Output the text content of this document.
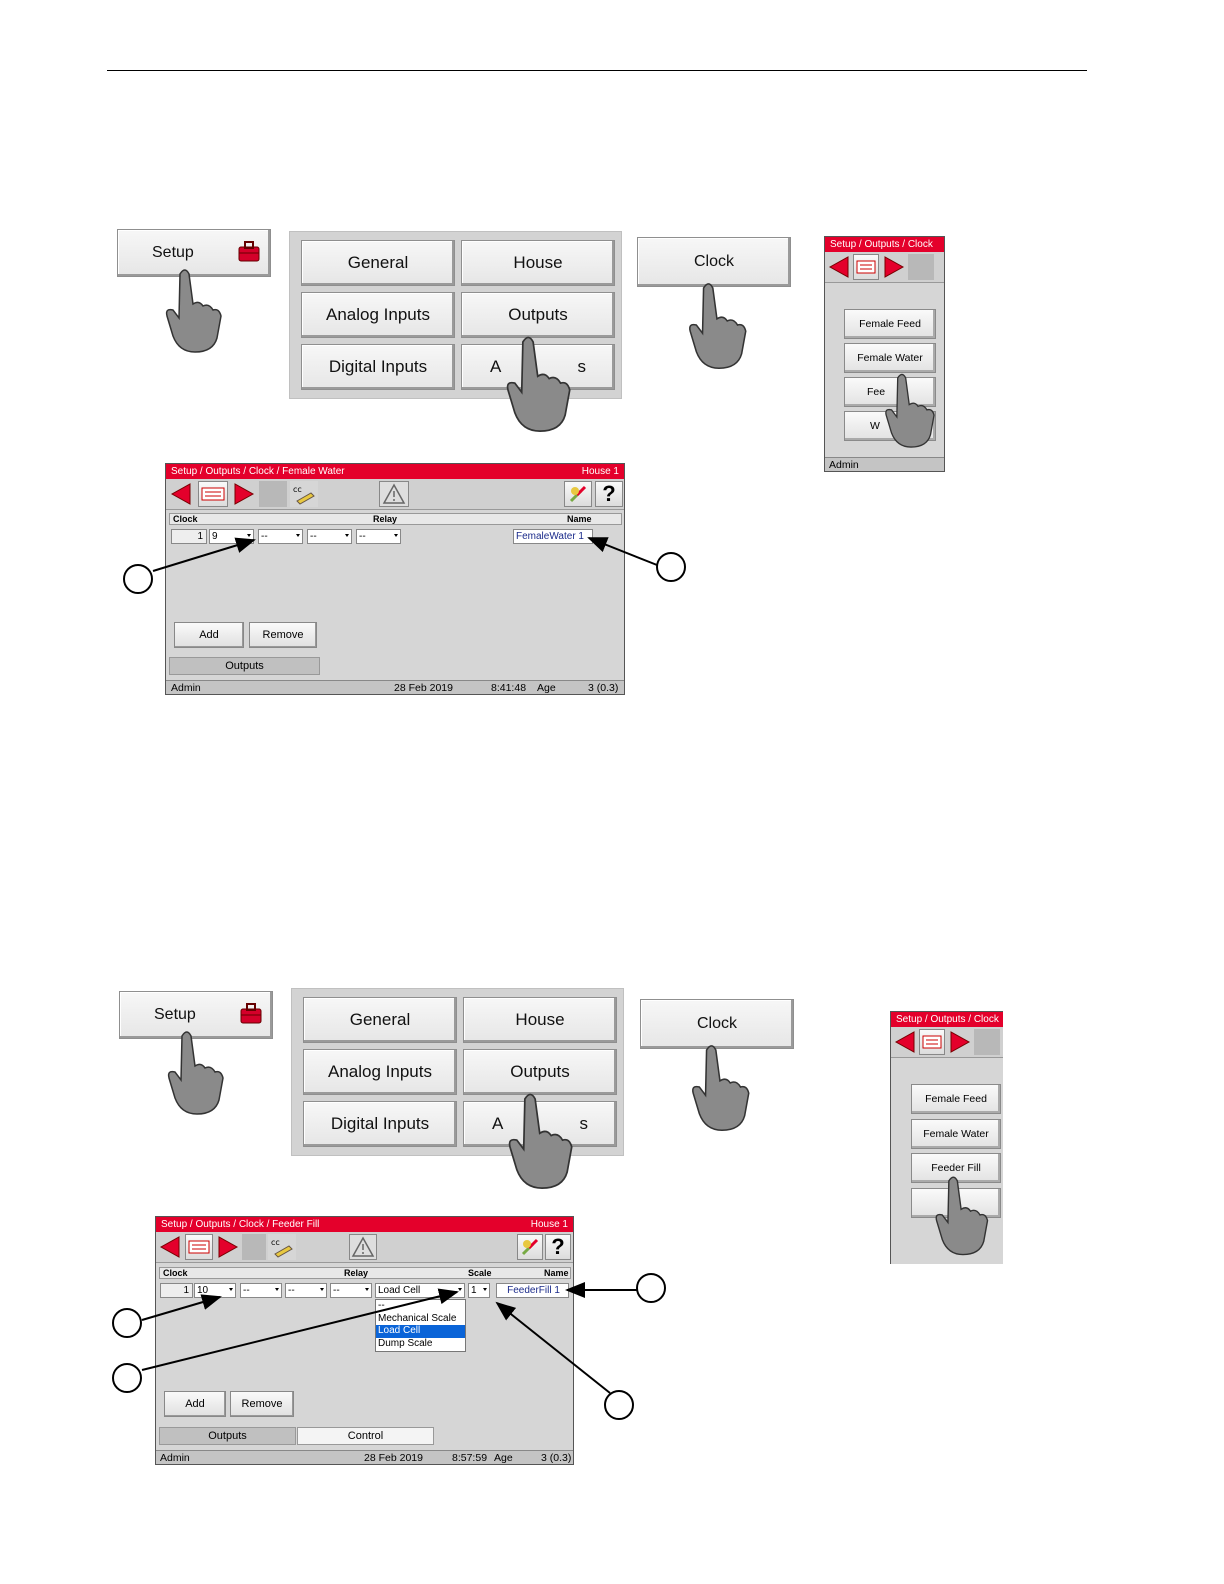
Setup
General	House
Analog Inputs	Outputs
Digital Inputs	A	s
Clock
Setup / Outputs / Clock
Female Feed
Female Water
Fee
W
Admin
Setup / Outputs / Clock / Female Water	House 1
cc	?
Clock	Relay	Name
1 9	--	--	--	FemaleWater 1
Add	Remove
Outputs
Admin	28 Feb 2019	8:41:48 Age	3 (0.3)
Setup	General	House
Analog Inputs	Outputs
Digital Inputs	A	s
Clock	Setup / Outputs / Clock
Female Feed
Female Water
Feeder Fill
Setup / Outputs / Clock / Feeder Fill	House 1
cc	?
Clock	Relay	Scale	Name
1 10	--	--	--	Load Cell	1	FeederFill 1
--
Mechanical Scale
Load Cell
Dump Scale
Add	Remove
Outputs	Control
Admin	28 Feb 2019	8:57:59 Age	3 (0.3)
